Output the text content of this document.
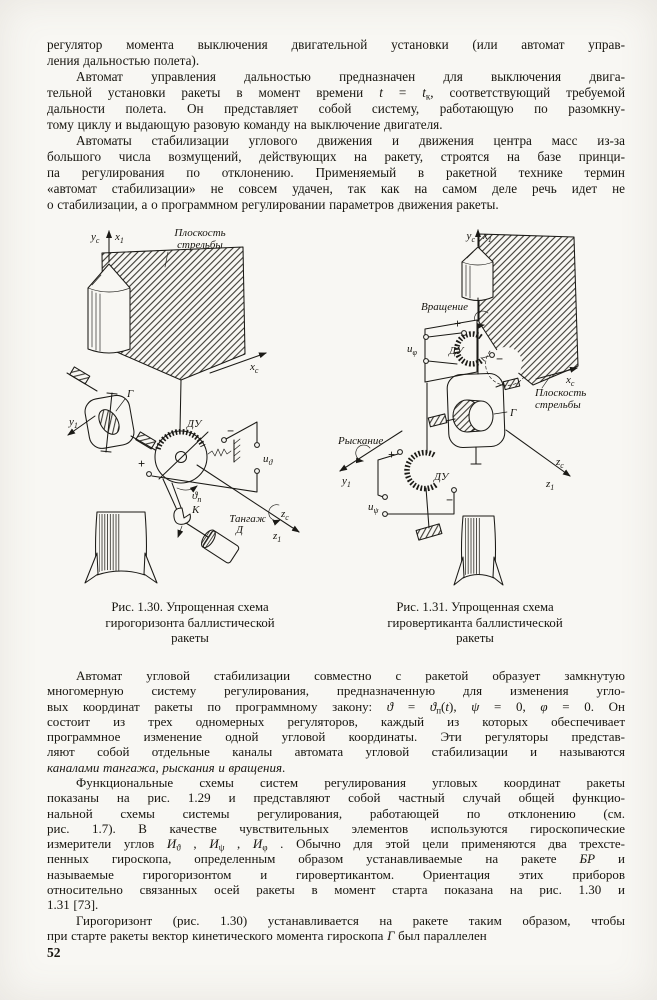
регулятор момента выключения двигательной установки (или автомат управ-
ления дальностью полета).
Автомат управления дальностью предназначен для выключения двига-
тельной установки ракеты в момент времени $t = t_к$, соответствующий требуемой
дальности полета. Он представляет собой систему, работающую по разомкну-
тому циклу и выдающую разовую команду на выключение двигателя.
Автоматы стабилизации углового движения и движения центра масс из-за
большого числа возмущений, действующих на ракету, строятся на базе принци-
па регулирования по отклонению. Применяемый в ракетной технике термин
«автомат стабилизации» не совсем удачен, так как на самом деле речь идет не
о стабилизации, а о программном регулировании параметров движения ракеты.
Плоскость
стрельбы
$y_c$ $x_1$
$x_c$
$y_1$
Г
ДУ
+
−
$u_ϑ$
$ϑ_п$
К
Тангаж
Д
$z_c$
$z_1$
$y_c$ $x_1$
Вращение
$u_\varphi$
+
−
ДУ
$x_c$
Плоскость
стрельбы
Г
Рыскание
$y_1$
+
−
ДУ
$u_\psi$
$z_c$
$z_1$
Рис. 1.30. Упрощенная схема
гирогоризонта баллистической
ракеты
Рис. 1.31. Упрощенная схема
гировертиканта баллистической
ракеты
Автомат угловой стабилизации совместно с ракетой образует замкнутую
многомерную систему регулирования, предназначенную для изменения угло-
вых координат ракеты по программному закону: $ϑ = ϑ_п(t)$, ψ = 0, φ = 0. Он
состоит из трех одномерных регуляторов, каждый из которых обеспечивает
программное изменение одной угловой координаты. Эти регуляторы представ-
ляют собой отдельные каналы автомата угловой стабилизации и называются
каналами тангажа, рыскания и вращения.
Функциональные схемы систем регулирования угловых координат ракеты
показаны на рис. 1.29 и представляют собой частный случай общей функцио-
нальной схемы системы регулирования, работающей по отклонению (см.
рис. 1.7). В качестве чувствительных элементов используются гироскопические
измерители углов $И_ϑ$ , $И_\psi$ , $И_\varphi$ . Обычно для этой цели применяются два трехсте-
пенных гироскопа, определенным образом устанавливаемые на ракете БР и
называемые гирогоризонтом и гировертикантом. Ориентация этих приборов
относительно связанных осей ракеты в момент старта показана на рис. 1.30 и
1.31 [73].
Гирогоризонт (рис. 1.30) устанавливается на ракете таким образом, чтобы
при старте ракеты вектор кинетического момента гироскопа Г был параллелен
52
